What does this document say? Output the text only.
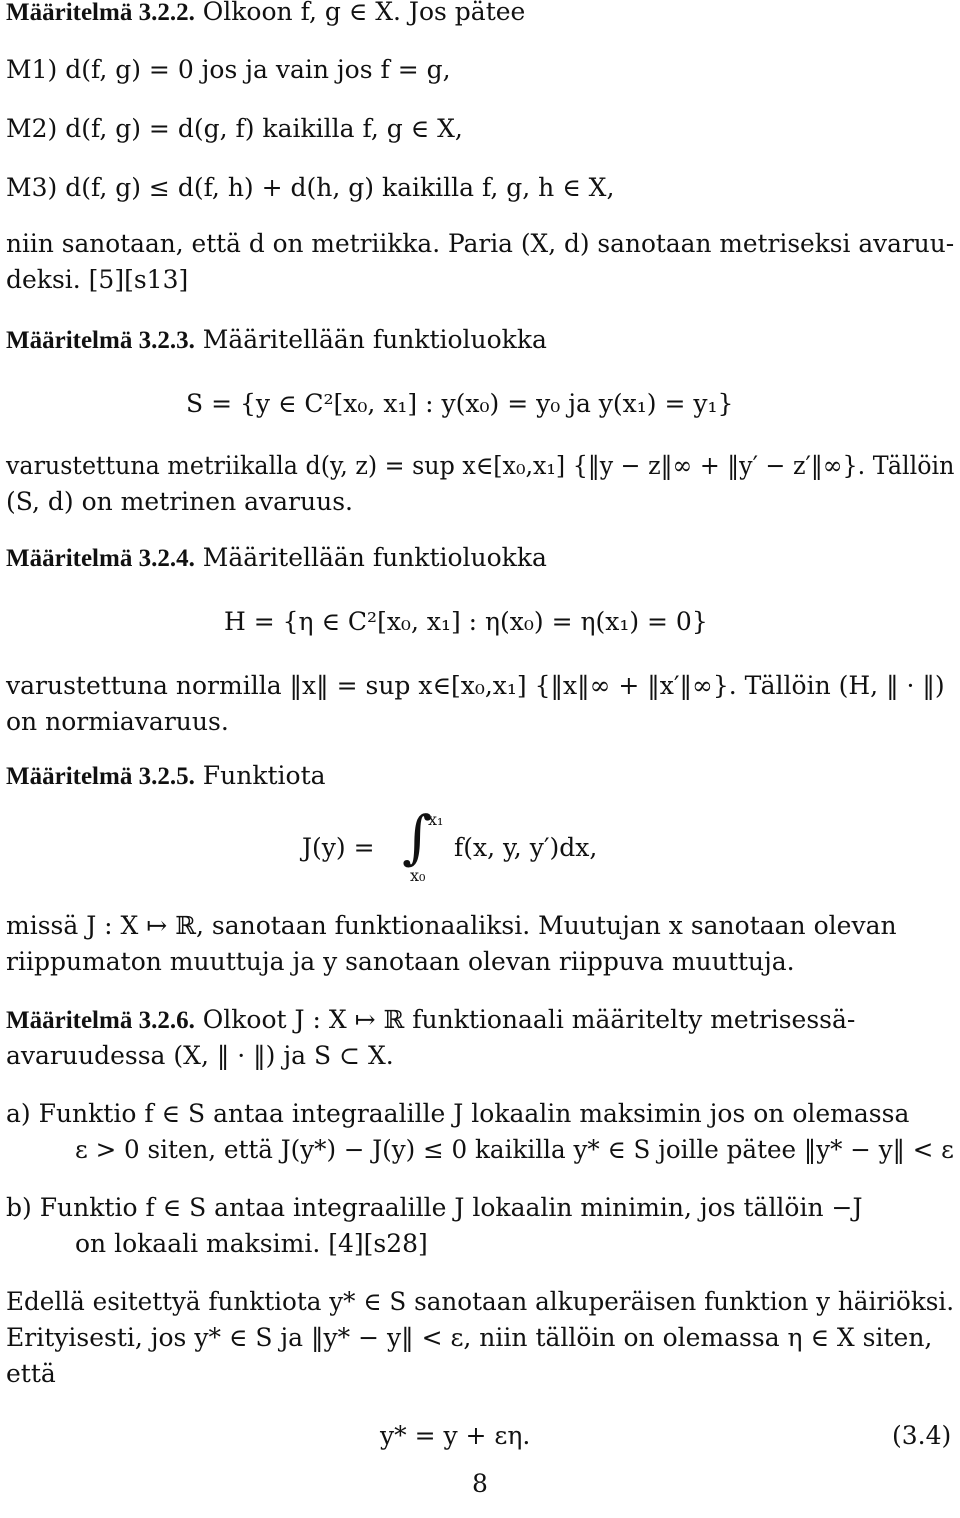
Määritelmä 3.2.2. Olkoon f, g ∈ X. Jos pätee
M1) d(f, g) = 0 jos ja vain jos f = g,
M2) d(f, g) = d(g, f) kaikilla f, g ∈ X,
M3) d(f, g) ≤ d(f, h) + d(h, g) kaikilla f, g, h ∈ X,
niin sanotaan, että d on metriikka. Paria (X, d) sanotaan metriseksi avaruu-
deksi. [5][s13]
Määritelmä 3.2.3. Määritellään funktioluokka
S = {y ∈ C²[x₀, x₁] : y(x₀) = y₀ ja y(x₁) = y₁}
varustettuna metriikalla d(y, z) = sup x∈[x₀,x₁] {‖y − z‖∞ + ‖y′ − z′‖∞}. Tällöin
(S, d) on metrinen avaruus.
Määritelmä 3.2.4. Määritellään funktioluokka
H = {η ∈ C²[x₀, x₁] : η(x₀) = η(x₁) = 0}
varustettuna normilla ‖x‖ = sup x∈[x₀,x₁] {‖x‖∞ + ‖x′‖∞}. Tällöin (H, ‖ · ‖)
on normiavaruus.
Määritelmä 3.2.5. Funktiota
J(y) = ∫
x₁
x₀
f(x, y, y′)dx,
missä J : X ↦ ℝ, sanotaan funktionaaliksi. Muutujan x sanotaan olevan
riippumaton muuttuja ja y sanotaan olevan riippuva muuttuja.
Määritelmä 3.2.6. Olkoot J : X ↦ ℝ funktionaali määritelty metrisessä-
avaruudessa (X, ‖ · ‖) ja S ⊂ X.
a) Funktio f ∈ S antaa integraalille J lokaalin maksimin jos on olemassa
ε > 0 siten, että J(y*) − J(y) ≤ 0 kaikilla y* ∈ S joille pätee ‖y* − y‖ < ε
b) Funktio f ∈ S antaa integraalille J lokaalin minimin, jos tällöin −J
on lokaali maksimi. [4][s28]
Edellä esitettyä funktiota y* ∈ S sanotaan alkuperäisen funktion y häiriöksi.
Erityisesti, jos y* ∈ S ja ‖y* − y‖ < ε, niin tällöin on olemassa η ∈ X siten,
että
y* = y + εη.	(3.4)
8
